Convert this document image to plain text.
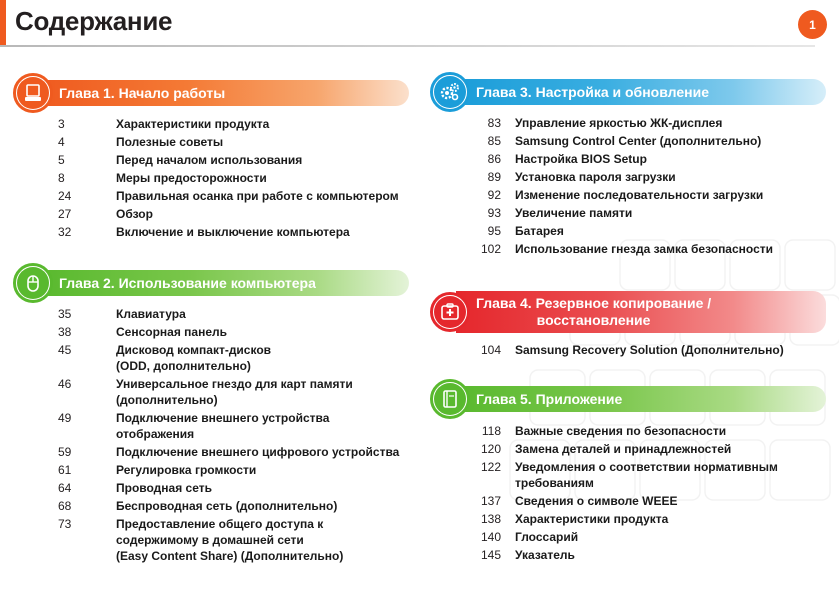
Содержание	1
Глава 1. Начало работы
3	Характеристики продукта
4	Полезные советы
5	Перед началом использования
8	Меры предосторожности
24	Правильная осанка при работе с компьютером
27	Обзор
32	Включение и выключение компьютера
Глава 2. Использование компьютера
35	Клавиатура
38	Сенсорная панель
45	Дисковод компакт-дисков
(ODD, дополнительно)
46	Универсальное гнездо для карт памяти
(дополнительно)
49	Подключение внешнего устройства
отображения
59	Подключение внешнего цифрового устройства
61	Регулировка громкости
64	Проводная сеть
68	Беспроводная сеть (дополнительно)
73	Предоставление общего доступа к
содержимому в домашней сети
(Easy Content Share) (Дополнительно)
Глава 3. Настройка и обновление
83 Управление яркостью ЖК-дисплея
85 Samsung Control Center (дополнительно)
86 Настройка BIOS Setup
89 Установка пароля загрузки
92 Изменение последовательности загрузки
93 Увеличение памяти
95 Батарея
102 Использование гнезда замка безопасности
Глава 4. Резервное копирование /
восстановление
104 Samsung Recovery Solution (Дополнительно)
Глава 5. Приложение
118 Важные сведения по безопасности
120 Замена деталей и принадлежностей
122 Уведомления о соответствии нормативным
требованиям
137 Сведения о символе WEEE
138 Характеристики продукта
140 Глоссарий
145 Указатель
